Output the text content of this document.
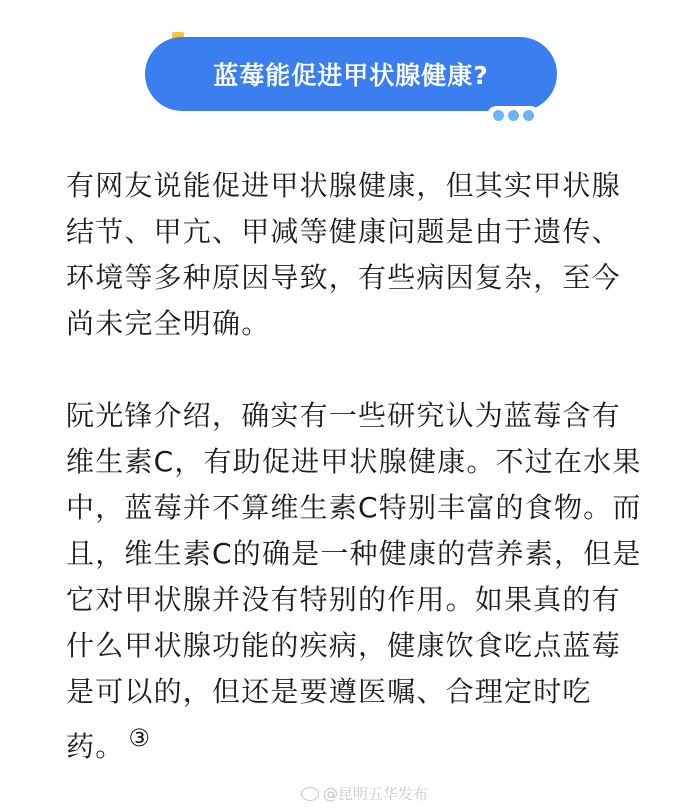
蓝莓能促进甲状腺健康?

有网友说能促进甲状腺健康，但其实甲状腺结节、甲亢、甲减等健康问题是由于遗传、环境等多种原因导致，有些病因复杂，至今尚未完全明确。

阮光锋介绍，确实有一些研究认为蓝莓含有维生素C，有助促进甲状腺健康。不过在水果中，蓝莓并不算维生素C特别丰富的食物。而且，维生素C的确是一种健康的营养素，但是它对甲状腺并没有特别的作用。如果真的有什么甲状腺功能的疾病，健康饮食吃点蓝莓是可以的，但还是要遵医嘱、合理定时吃药。 ③

@昆明五华发布
